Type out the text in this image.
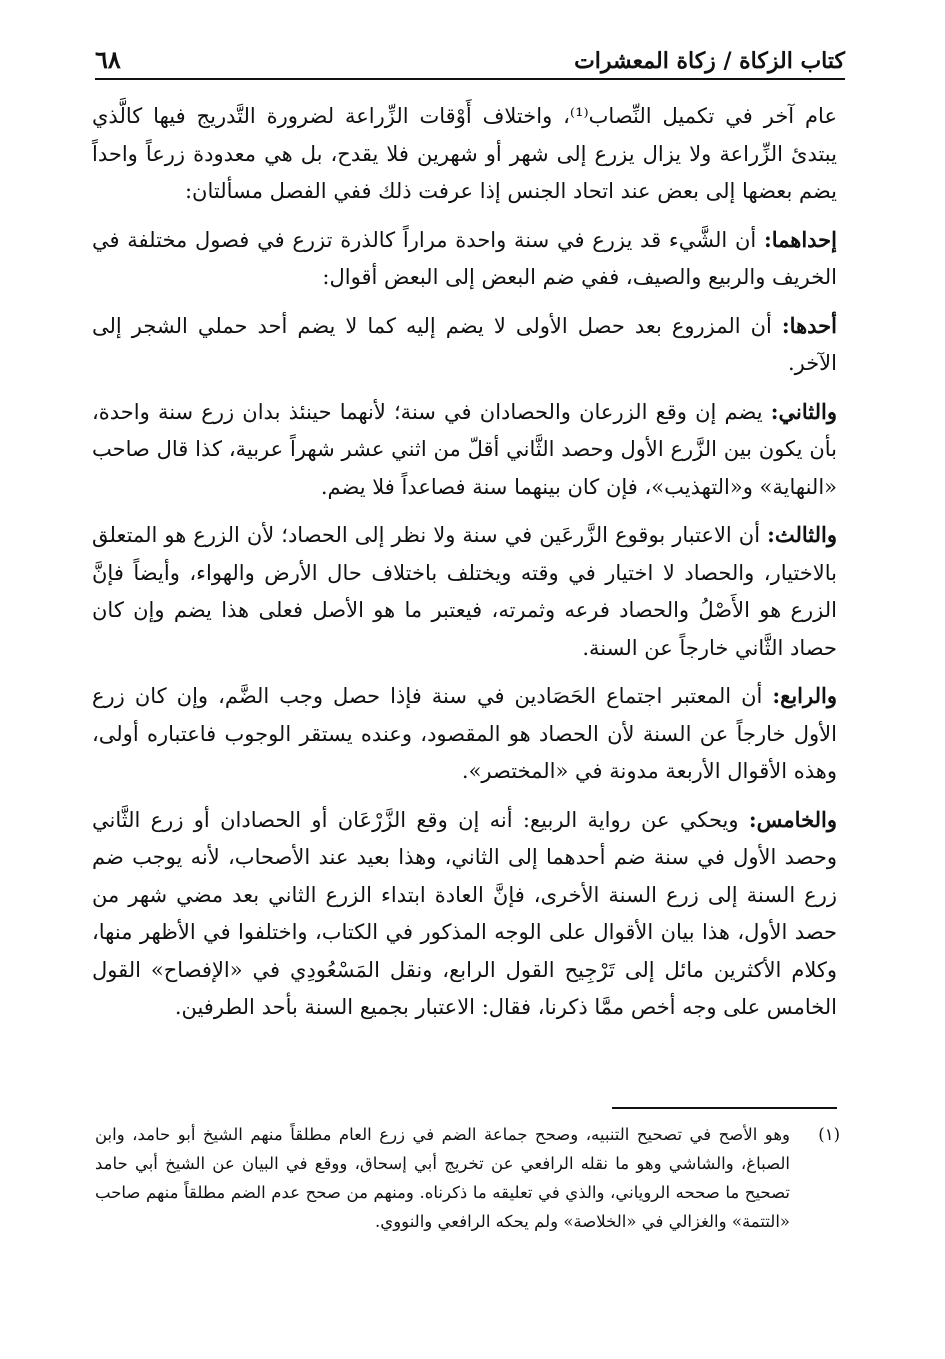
كتاب الزكاة / زكاة المعشرات
٦٨

عام آخر في تكميل النِّصاب⁽¹⁾، واختلاف أَوْقات الزِّراعة لضرورة التَّدريج فيها كالَّذي يبتدئ الزِّراعة ولا يزال يزرع إلى شهر أو شهرين فلا يقدح، بل هي معدودة زرعاً واحداً يضم بعضها إلى بعض عند اتحاد الجنس إذا عرفت ذلك ففي الفصل مسألتان:

إحداهما: أن الشَّيء قد يزرع في سنة واحدة مراراً كالذرة تزرع في فصول مختلفة في الخريف والربيع والصيف، ففي ضم البعض إلى البعض أقوال:

أحدها: أن المزروع بعد حصل الأولى لا يضم إليه كما لا يضم أحد حملي الشجر إلى الآخر.

والثاني: يضم إن وقع الزرعان والحصادان في سنة؛ لأنهما حينئذ بدان زرع سنة واحدة، بأن يكون بين الزَّرع الأول وحصد الثَّاني أقلّ من اثني عشر شهراً عربية، كذا قال صاحب «النهاية» و«التهذيب»، فإن كان بينهما سنة فصاعداً فلا يضم.

والثالث: أن الاعتبار بوقوع الزَّرعَين في سنة ولا نظر إلى الحصاد؛ لأن الزرع هو المتعلق بالاختيار، والحصاد لا اختيار في وقته ويختلف باختلاف حال الأرض والهواء، وأيضاً فإنَّ الزرع هو الأَصْلُ والحصاد فرعه وثمرته، فيعتبر ما هو الأصل فعلى هذا يضم وإن كان حصاد الثَّاني خارجاً عن السنة.

والرابع: أن المعتبر اجتماع الحَصَادين في سنة فإذا حصل وجب الضَّم، وإن كان زرع الأول خارجاً عن السنة لأن الحصاد هو المقصود، وعنده يستقر الوجوب فاعتباره أولى، وهذه الأقوال الأربعة مدونة في «المختصر».

والخامس: ويحكي عن رواية الربيع: أنه إن وقع الزَّرْعَان أو الحصادان أو زرع الثَّاني وحصد الأول في سنة ضم أحدهما إلى الثاني، وهذا بعيد عند الأصحاب، لأنه يوجب ضم زرع السنة إلى زرع السنة الأخرى، فإنَّ العادة ابتداء الزرع الثاني بعد مضي شهر من حصد الأول، هذا بيان الأقوال على الوجه المذكور في الكتاب، واختلفوا في الأظهر منها، وكلام الأكثرين مائل إلى تَرْجِيح القول الرابع، ونقل المَسْعُودِي في «الإفصاح» القول الخامس على وجه أخص ممَّا ذكرنا، فقال: الاعتبار بجميع السنة بأحد الطرفين.

(١)
وهو الأصح في تصحيح التنبيه، وصحح جماعة الضم في زرع العام مطلقاً منهم الشيخ أبو حامد، وابن الصباغ، والشاشي وهو ما نقله الرافعي عن تخريج أبي إسحاق، ووقع في البيان عن الشيخ أبي حامد تصحيح ما صححه الروياني، والذي في تعليقه ما ذكرناه. ومنهم من صحح عدم الضم مطلقاً منهم صاحب «التتمة» والغزالي في «الخلاصة» ولم يحكه الرافعي والنووي.
